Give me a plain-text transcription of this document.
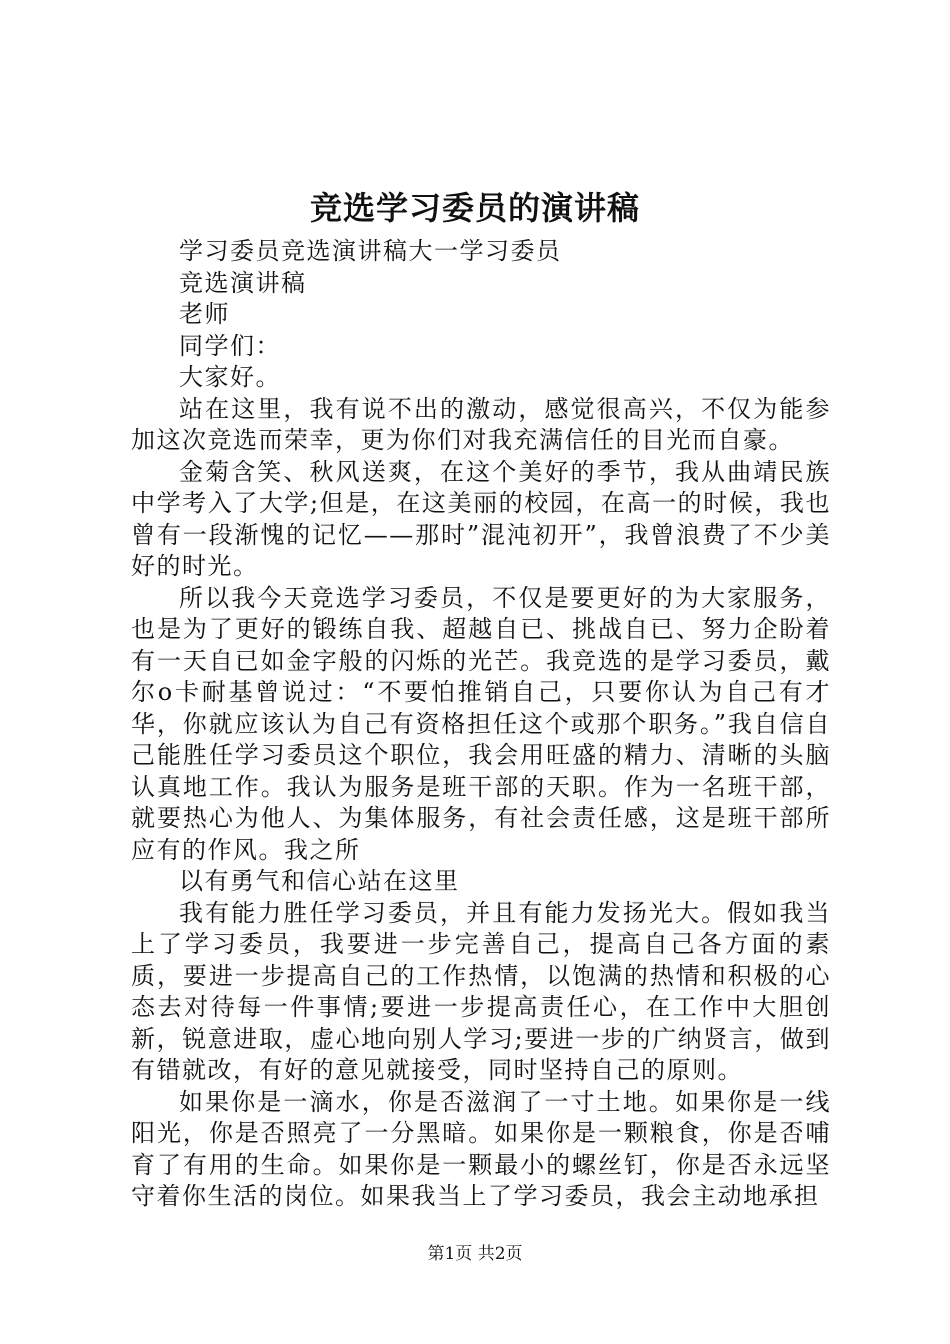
竞选学习委员的演讲稿

学习委员竞选演讲稿大一学习委员

竞选演讲稿

老师

同学们：

大家好。

站在这里，我有说不出的激动，感觉很高兴，不仅为能参加这次竞选而荣幸，更为你们对我充满信任的目光而自豪。

金菊含笑、秋风送爽，在这个美好的季节，我从曲靖民族中学考入了大学;但是，在这美丽的校园，在高一的时候，我也曾有一段渐愧的记忆——那时”混沌初开”，我曾浪费了不少美好的时光。

所以我今天竞选学习委员，不仅是要更好的为大家服务，也是为了更好的锻练自我、超越自已、挑战自已、努力企盼着有一天自已如金字般的闪烁的光芒。我竞选的是学习委员，戴尔o卡耐基曾说过：“不要怕推销自己，只要你认为自己有才华，你就应该认为自己有资格担任这个或那个职务。”我自信自己能胜任学习委员这个职位，我会用旺盛的精力、清晰的头脑认真地工作。我认为服务是班干部的天职。作为一名班干部，就要热心为他人、为集体服务，有社会责任感，这是班干部所应有的作风。我之所

以有勇气和信心站在这里

我有能力胜任学习委员，并且有能力发扬光大。假如我当上了学习委员，我要进一步完善自己，提高自己各方面的素质，要进一步提高自己的工作热情，以饱满的热情和积极的心态去对待每一件事情;要进一步提高责任心，在工作中大胆创新，锐意进取，虚心地向别人学习;要进一步的广纳贤言，做到有错就改，有好的意见就接受，同时坚持自己的原则。

如果你是一滴水，你是否滋润了一寸土地。如果你是一线阳光，你是否照亮了一分黑暗。如果你是一颗粮食，你是否哺育了有用的生命。如果你是一颗最小的螺丝钉，你是否永远坚守着你生活的岗位。如果我当上了学习委员，我会主动地承担

第1页 共2页
